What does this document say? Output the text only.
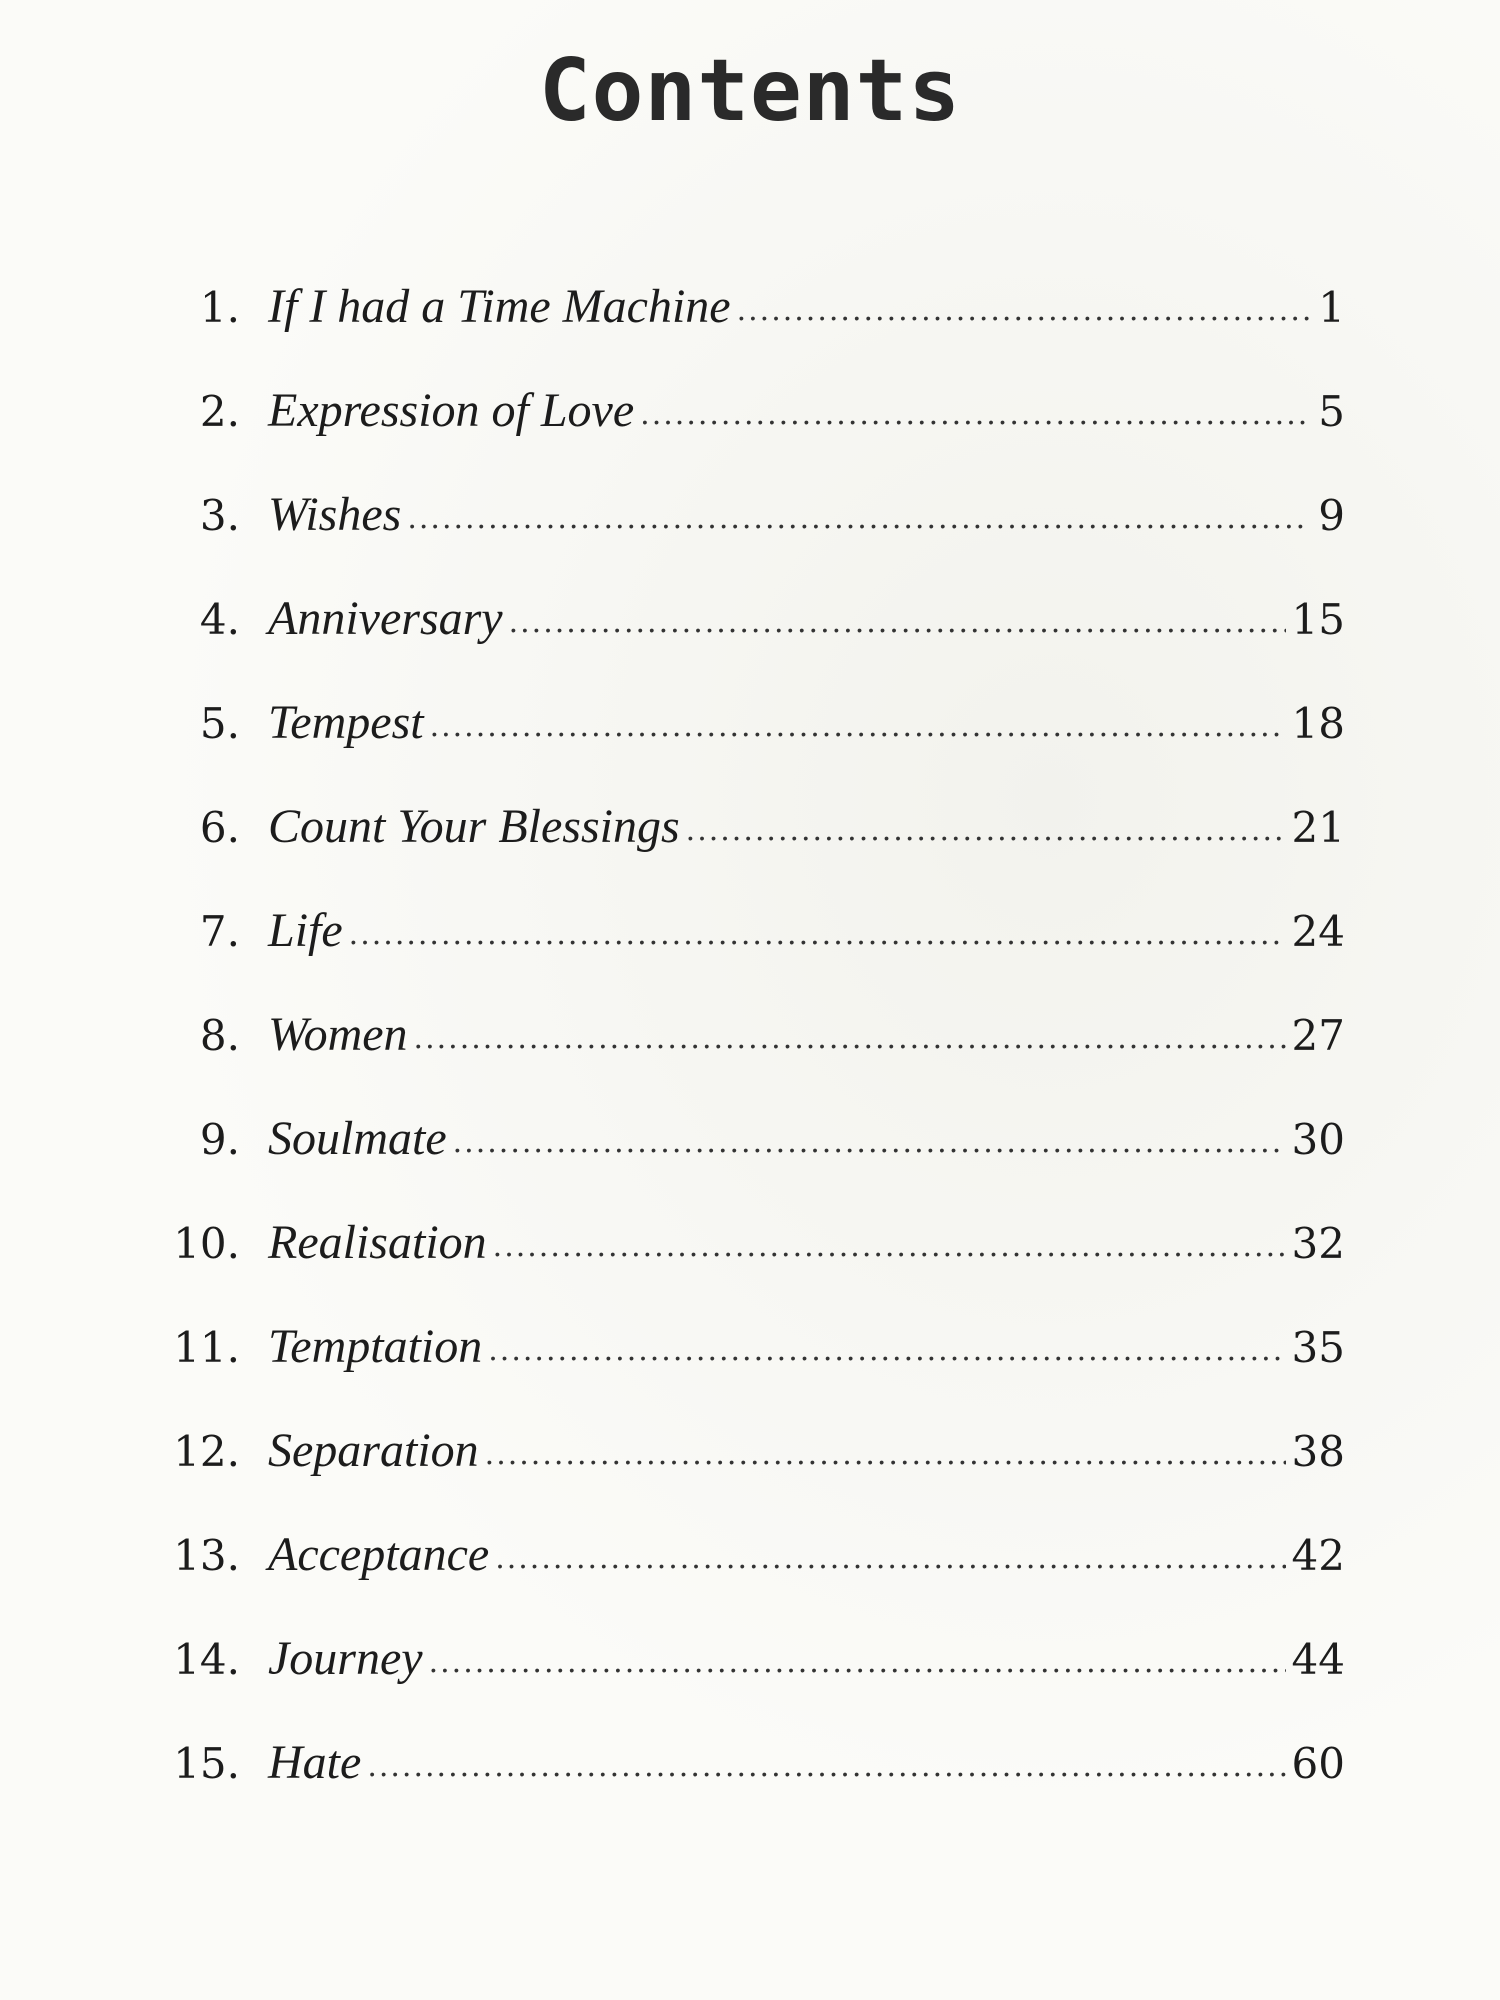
Contents
1. If I had a Time Machine .....	1
2. Expression of Love .....	5
3. Wishes .....	9
4. Anniversary .....	15
5. Tempest .....	18
6. Count Your Blessings .....	21
7. Life .....	24
8. Women .....	27
9. Soulmate .....	30
10. Realisation .....	32
11. Temptation .....	35
12. Separation .....	38
13. Acceptance .....	42
14. Journey .....	44
15. Hate .....	60
